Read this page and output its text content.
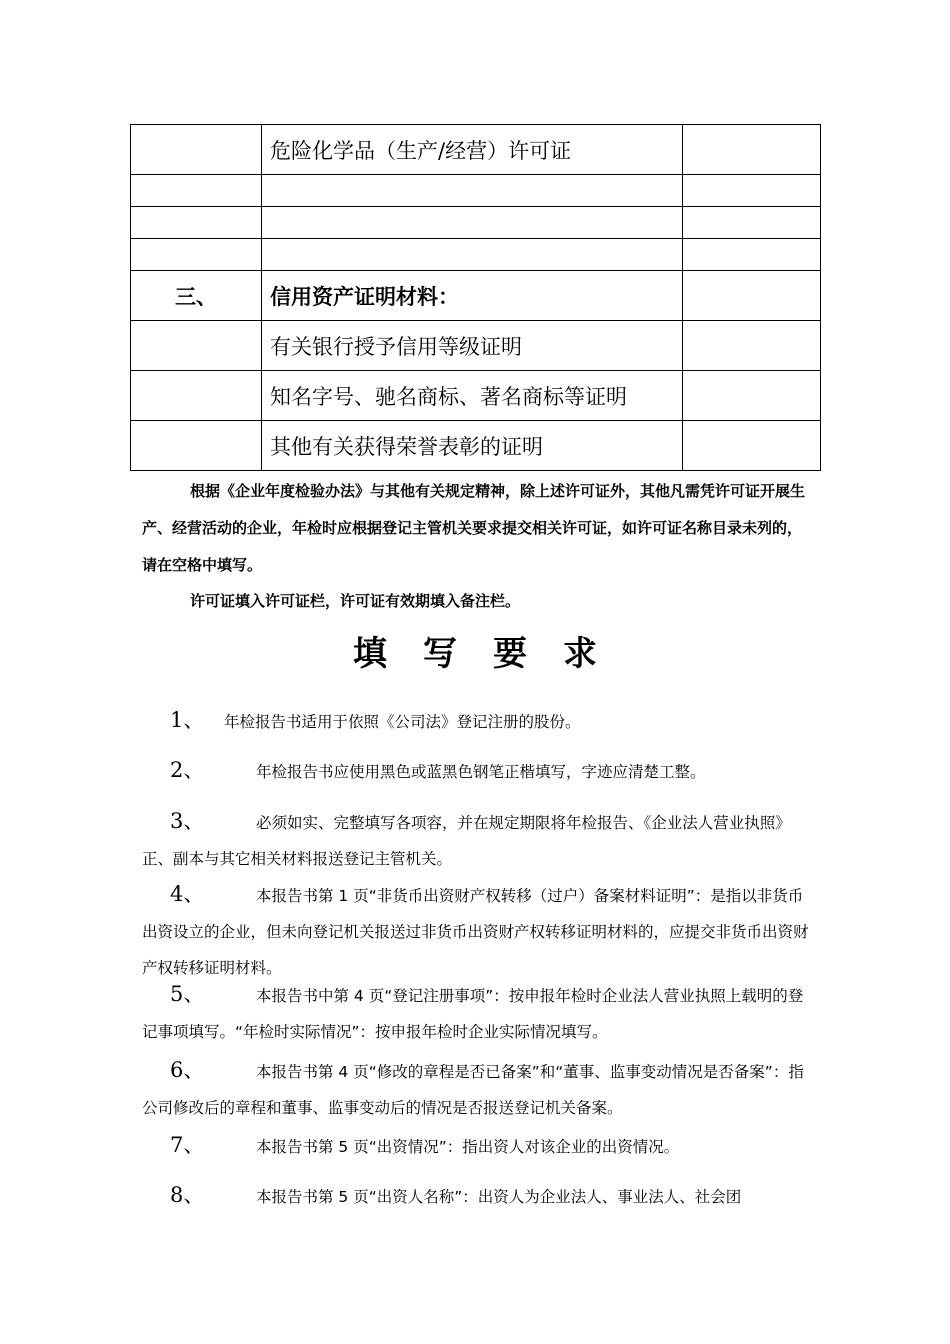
	危险化学品（生产/经营）许可证	

三、	信用资产证明材料：	
	有关银行授予信用等级证明	
	知名字号、驰名商标、著名商标等证明	
	其他有关获得荣誉表彰的证明	
根据《企业年度检验办法》与其他有关规定精神，除上述许可证外，其他凡需凭许可证开展生产、经营活动的企业，年检时应根据登记主管机关要求提交相关许可证，如许可证名称目录未列的，请在空格中填写。
许可证填入许可证栏，许可证有效期填入备注栏。
填写要求
1、 年检报告书适用于依照《公司法》登记注册的股份。
2、	年检报告书应使用黑色或蓝黑色钢笔正楷填写，字迹应清楚工整。
3、	必须如实、完整填写各项容，并在规定期限将年检报告、《企业法人营业执照》正、副本与其它相关材料报送登记主管机关。
4、	本报告书第 1 页“非货币出资财产权转移（过户）备案材料证明”：是指以非货币出资设立的企业，但未向登记机关报送过非货币出资财产权转移证明材料的，应提交非货币出资财产权转移证明材料。
5、	本报告书中第 4 页“登记注册事项”：按申报年检时企业法人营业执照上载明的登记事项填写。“年检时实际情况”：按申报年检时企业实际情况填写。
6、	本报告书第 4 页“修改的章程是否已备案”和“董事、监事变动情况是否备案”：指公司修改后的章程和董事、监事变动后的情况是否报送登记机关备案。
7、	本报告书第 5 页“出资情况”：指出资人对该企业的出资情况。
8、	本报告书第 5 页“出资人名称”：出资人为企业法人、事业法人、社会团
